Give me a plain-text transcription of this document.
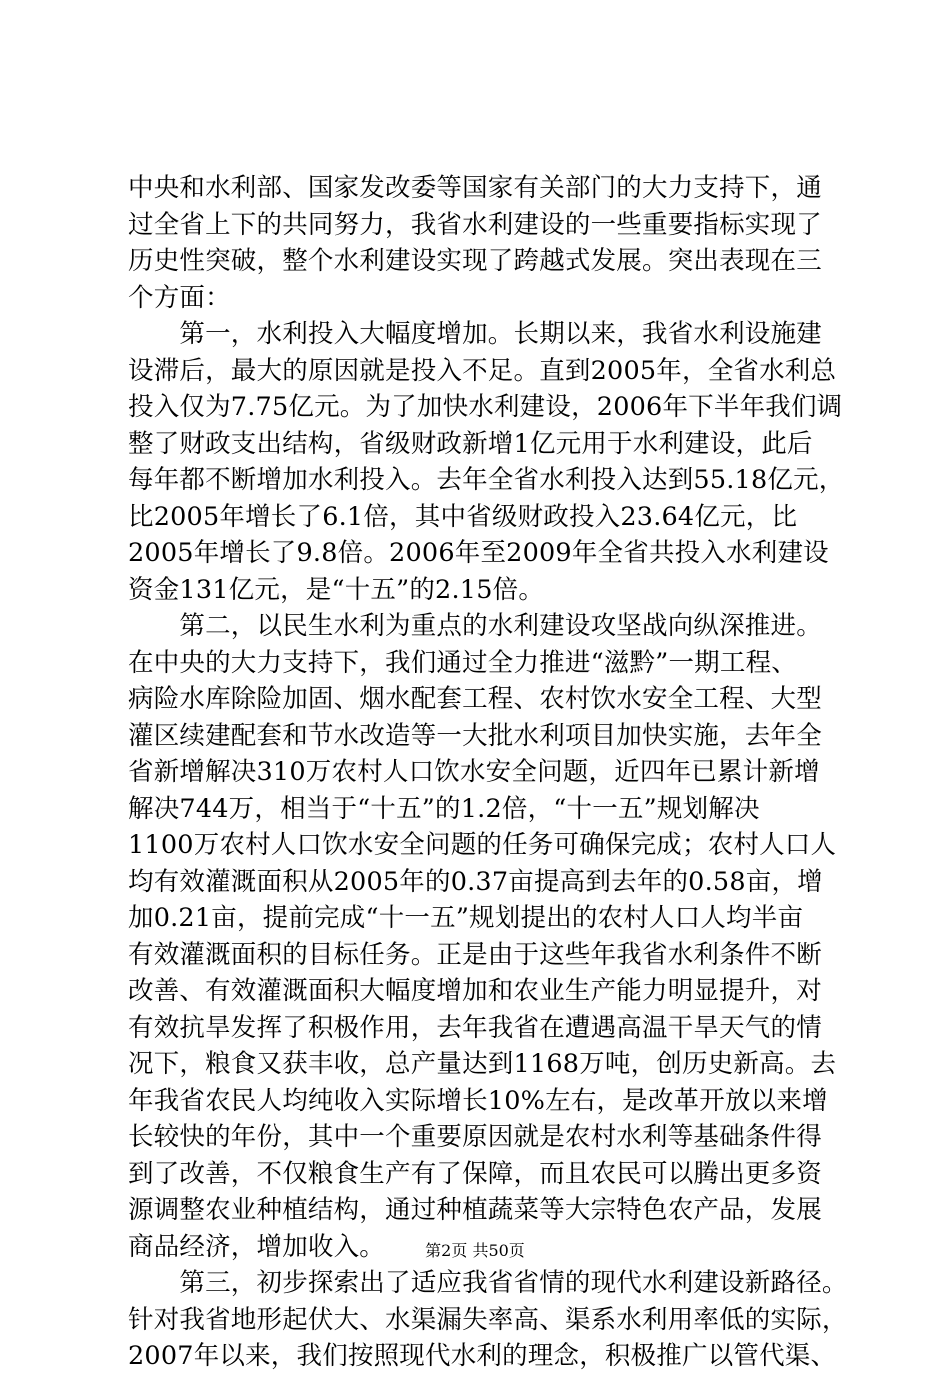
中央和水利部、国家发改委等国家有关部门的大力支持下，通
过全省上下的共同努力，我省水利建设的一些重要指标实现了
历史性突破，整个水利建设实现了跨越式发展。突出表现在三
个方面：
　　第一，水利投入大幅度增加。长期以来，我省水利设施建
设滞后，最大的原因就是投入不足。直到2005年，全省水利总
投入仅为7.75亿元。为了加快水利建设，2006年下半年我们调
整了财政支出结构，省级财政新增1亿元用于水利建设，此后
每年都不断增加水利投入。去年全省水利投入达到55.18亿元，
比2005年增长了6.1倍，其中省级财政投入23.64亿元，比
2005年增长了9.8倍。2006年至2009年全省共投入水利建设
资金131亿元，是“十五”的2.15倍。
　　第二，以民生水利为重点的水利建设攻坚战向纵深推进。
在中央的大力支持下，我们通过全力推进“滋黔”一期工程、
病险水库除险加固、烟水配套工程、农村饮水安全工程、大型
灌区续建配套和节水改造等一大批水利项目加快实施，去年全
省新增解决310万农村人口饮水安全问题，近四年已累计新增
解决744万，相当于“十五”的1.2倍，“十一五”规划解决
1100万农村人口饮水安全问题的任务可确保完成；农村人口人
均有效灌溉面积从2005年的0.37亩提高到去年的0.58亩，增
加0.21亩，提前完成“十一五”规划提出的农村人口人均半亩
有效灌溉面积的目标任务。正是由于这些年我省水利条件不断
改善、有效灌溉面积大幅度增加和农业生产能力明显提升，对
有效抗旱发挥了积极作用，去年我省在遭遇高温干旱天气的情
况下，粮食又获丰收，总产量达到1168万吨，创历史新高。去
年我省农民人均纯收入实际增长10%左右，是改革开放以来增
长较快的年份，其中一个重要原因就是农村水利等基础条件得
到了改善，不仅粮食生产有了保障，而且农民可以腾出更多资
源调整农业种植结构，通过种植蔬菜等大宗特色农产品，发展
商品经济，增加收入。
　　第三，初步探索出了适应我省省情的现代水利建设新路径。
针对我省地形起伏大、水渠漏失率高、渠系水利用率低的实际，
2007年以来，我们按照现代水利的理念，积极推广以管代渠、
第2页 共50页
